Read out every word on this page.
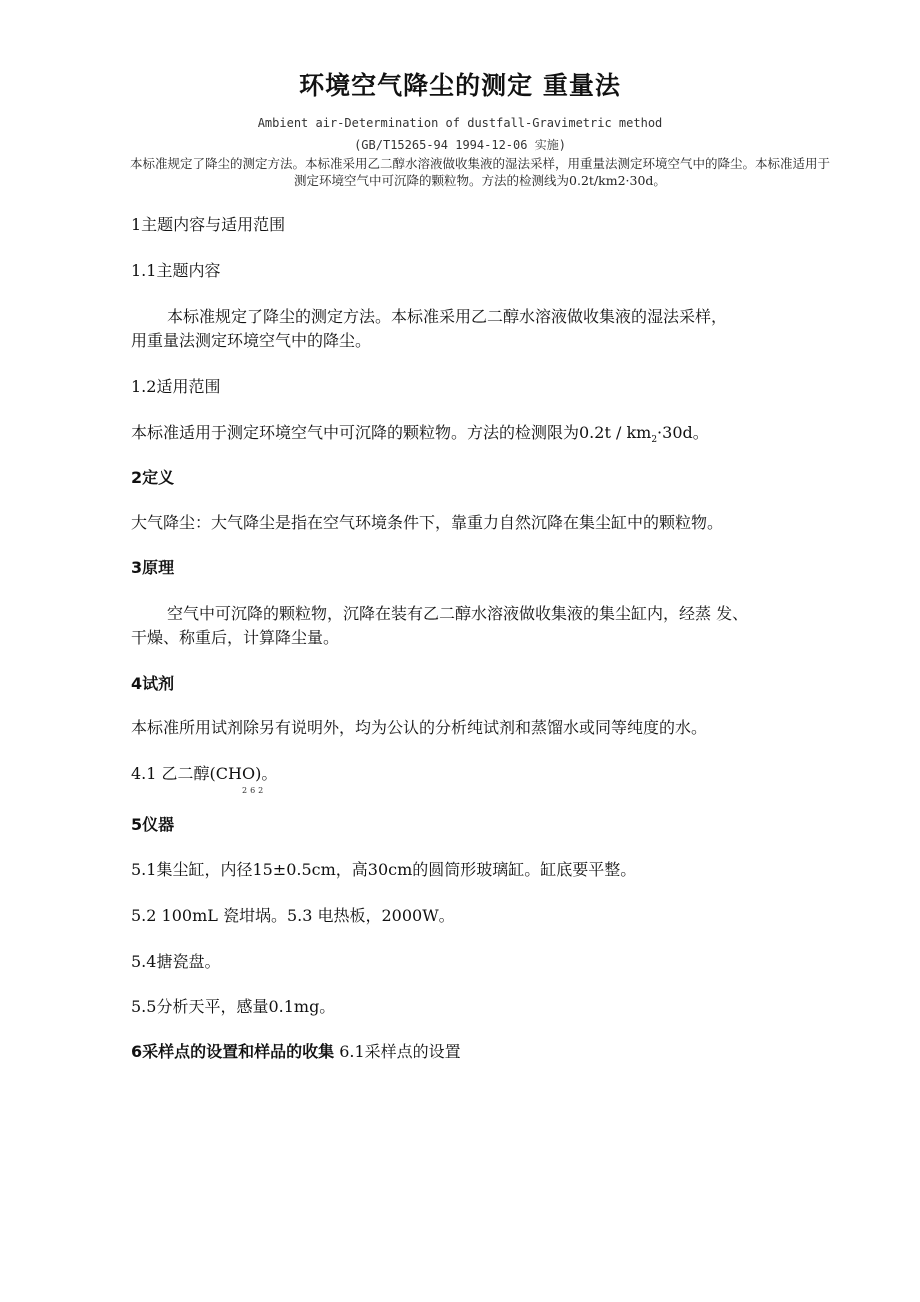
环境空气降尘的测定 重量法
Ambient air-Determination of dustfall-Gravimetric method
(GB/T15265-94 1994-12-06 实施)
本标准规定了降尘的测定方法。本标准采用乙二醇水溶液做收集液的湿法采样，用重量法测定环境空气中的降尘。本标准适用于测定环境空气中可沉降的颗粒物。方法的检测线为0.2t/km2·30d。
1主题内容与适用范围
1.1主题内容
本标准规定了降尘的测定方法。本标准采用乙二醇水溶液做收集液的湿法采样，
用重量法测定环境空气中的降尘。
1.2适用范围
本标准适用于测定环境空气中可沉降的颗粒物。方法的检测限为$0.2t / km_2\cdot 30d$。
2定义
大气降尘：大气降尘是指在空气环境条件下，靠重力自然沉降在集尘缸中的颗粒物。
3原理
空气中可沉降的颗粒物，沉降在装有乙二醇水溶液做收集液的集尘缸内，经蒸 发、
干燥、称重后，计算降尘量。
4试剂
本标准所用试剂除另有说明外，均为公认的分析纯试剂和蒸馏水或同等纯度的水。
4.1 乙二醇(CHO)。
262
5仪器
5.1集尘缸，内径15±0.5cm，高30cm的圆筒形玻璃缸。缸底要平整。
5.2 100mL 瓷坩埚。5.3 电热板，2000W。
5.4搪瓷盘。
5.5分析天平，感量0.1mg。
6采样点的设置和样品的收集 6.1采样点的设置
